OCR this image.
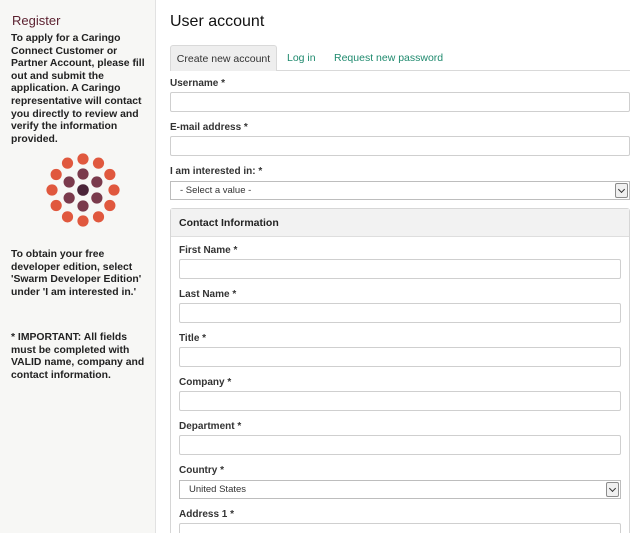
Register
To apply for a Caringo Connect Customer or Partner Account, please fill out and submit the application. A Caringo representative will contact you directly to review and verify the information provided.
To obtain your free developer edition, select 'Swarm Developer Edition' under 'I am interested in.'
* IMPORTANT: All fields must be completed with VALID name, company and contact information.
User account
Create new account	Log in Request new password
Username *
E-mail address *
I am interested in: *
- Select a value -
Contact Information
First Name *
Last Name *
Title *
Company *
Department *
Country *
United States
Address 1 *
